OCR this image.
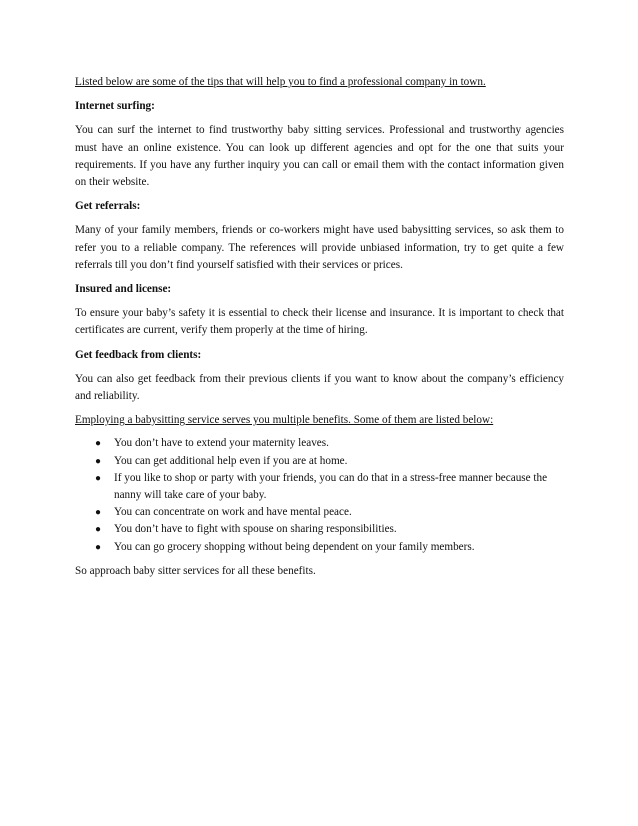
Listed below are some of the tips that will help you to find a professional company in town.

Internet surfing:

You can surf the internet to find trustworthy baby sitting services. Professional and trustworthy agencies must have an online existence. You can look up different agencies and opt for the one that suits your requirements. If you have any further inquiry you can call or email them with the contact information given on their website.

Get referrals:

Many of your family members, friends or co-workers might have used babysitting services, so ask them to refer you to a reliable company. The references will provide unbiased information, try to get quite a few referrals till you don’t find yourself satisfied with their services or prices.

Insured and license:

To ensure your baby’s safety it is essential to check their license and insurance. It is important to check that certificates are current, verify them properly at the time of hiring.

Get feedback from clients:

You can also get feedback from their previous clients if you want to know about the company’s efficiency and reliability.

Employing a babysitting service serves you multiple benefits. Some of them are listed below:

● You don’t have to extend your maternity leaves.
● You can get additional help even if you are at home.
● If you like to shop or party with your friends, you can do that in a stress-free manner because the nanny will take care of your baby.
● You can concentrate on work and have mental peace.
● You don’t have to fight with spouse on sharing responsibilities.
● You can go grocery shopping without being dependent on your family members.

So approach baby sitter services for all these benefits.
